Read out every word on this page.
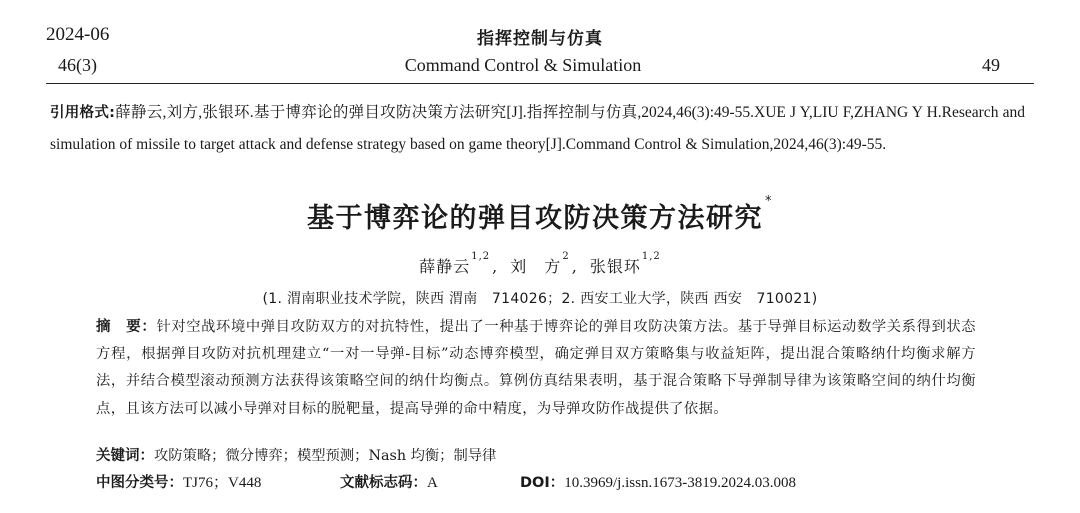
2024-06	指挥控制与仿真
46(3)	Command Control & Simulation	49
引用格式:薛静云,刘方,张银环.基于博弈论的弹目攻防决策方法研究[J].指挥控制与仿真,2024,46(3):49-55.XUE J Y,LIU F,ZHANG Y H.Research and simulation of missile to target attack and defense strategy based on game theory[J].Command Control & Simulation,2024,46(3):49-55.
基于博弈论的弹目攻防决策方法研究*
薛静云$^{1,2}$, 刘　方$^2$, 张银环$^{1,2}$
(1. 渭南职业技术学院，陕西 渭南　714026；2. 西安工业大学，陕西 西安　710021)
摘　要：针对空战环境中弹目攻防双方的对抗特性，提出了一种基于博弈论的弹目攻防决策方法。基于导弹目标运动数学关系得到状态方程，根据弹目攻防对抗机理建立“一对一导弹-目标”动态博弈模型，确定弹目双方策略集与收益矩阵，提出混合策略纳什均衡求解方法，并结合模型滚动预测方法获得该策略空间的纳什均衡点。算例仿真结果表明，基于混合策略下导弹制导律为该策略空间的纳什均衡点，且该方法可以减小导弹对目标的脱靶量，提高导弹的命中精度，为导弹攻防作战提供了依据。
关键词：攻防策略；微分博弈；模型预测；Nash 均衡；制导律
中图分类号：TJ76；V448	文献标志码：A	DOI：10.3969/j.issn.1673-3819.2024.03.008
